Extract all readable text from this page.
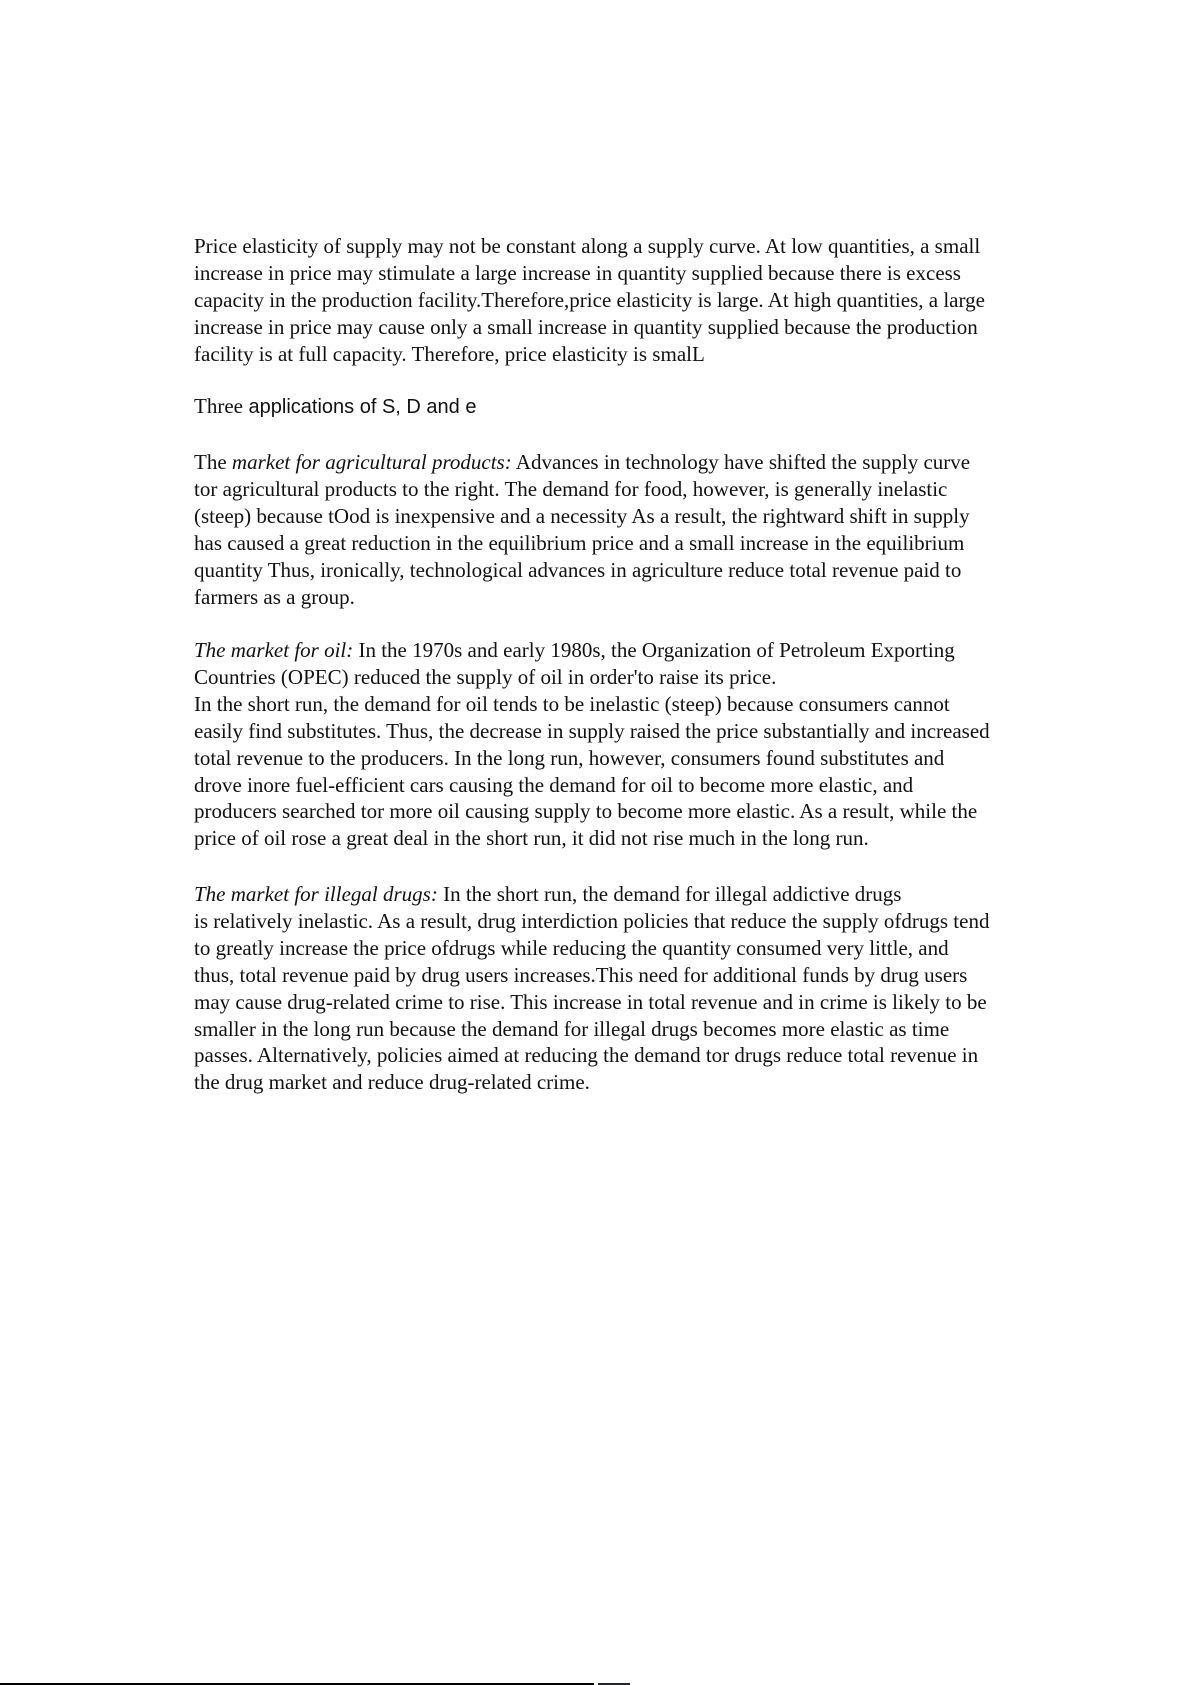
Price elasticity of supply may not be constant along a supply curve. At low quantities, a small
increase in price may stimulate a large increase in quantity supplied because there is excess
capacity in the production facility.Therefore,price elasticity is large. At high quantities, a large
increase in price may cause only a small increase in quantity supplied because the production
facility is at full capacity. Therefore, price elasticity is smalL
Three applications of S, D and e
The market for agricultural products: Advances in technology have shifted the supply curve
tor agricultural products to the right. The demand for food, however, is generally inelastic
(steep) because tOod is inexpensive and a necessity As a result, the rightward shift in supply
has caused a great reduction in the equilibrium price and a small increase in the equilibrium
quantity Thus, ironically, technological advances in agriculture reduce total revenue paid to
farmers as a group.
The market for oil: In the 1970s and early 1980s, the Organization of Petroleum Exporting
Countries (OPEC) reduced the supply of oil in order'to raise its price.
In the short run, the demand for oil tends to be inelastic (steep) because consumers cannot
easily find substitutes. Thus, the decrease in supply raised the price substantially and increased
total revenue to the producers. In the long run, however, consumers found substitutes and
drove inore fuel-efficient cars causing the demand for oil to become more elastic, and
producers searched tor more oil causing supply to become more elastic. As a result, while the
price of oil rose a great deal in the short run, it did not rise much in the long run.
The market for illegal drugs: In the short run, the demand for illegal addictive drugs
is relatively inelastic. As a result, drug interdiction policies that reduce the supply ofdrugs tend
to greatly increase the price ofdrugs while reducing the quantity consumed very little, and
thus, total revenue paid by drug users increases.This need for additional funds by drug users
may cause drug-related crime to rise. This increase in total revenue and in crime is likely to be
smaller in the long run because the demand for illegal drugs becomes more elastic as time
passes. Alternatively, policies aimed at reducing the demand tor drugs reduce total revenue in
the drug market and reduce drug-related crime.
